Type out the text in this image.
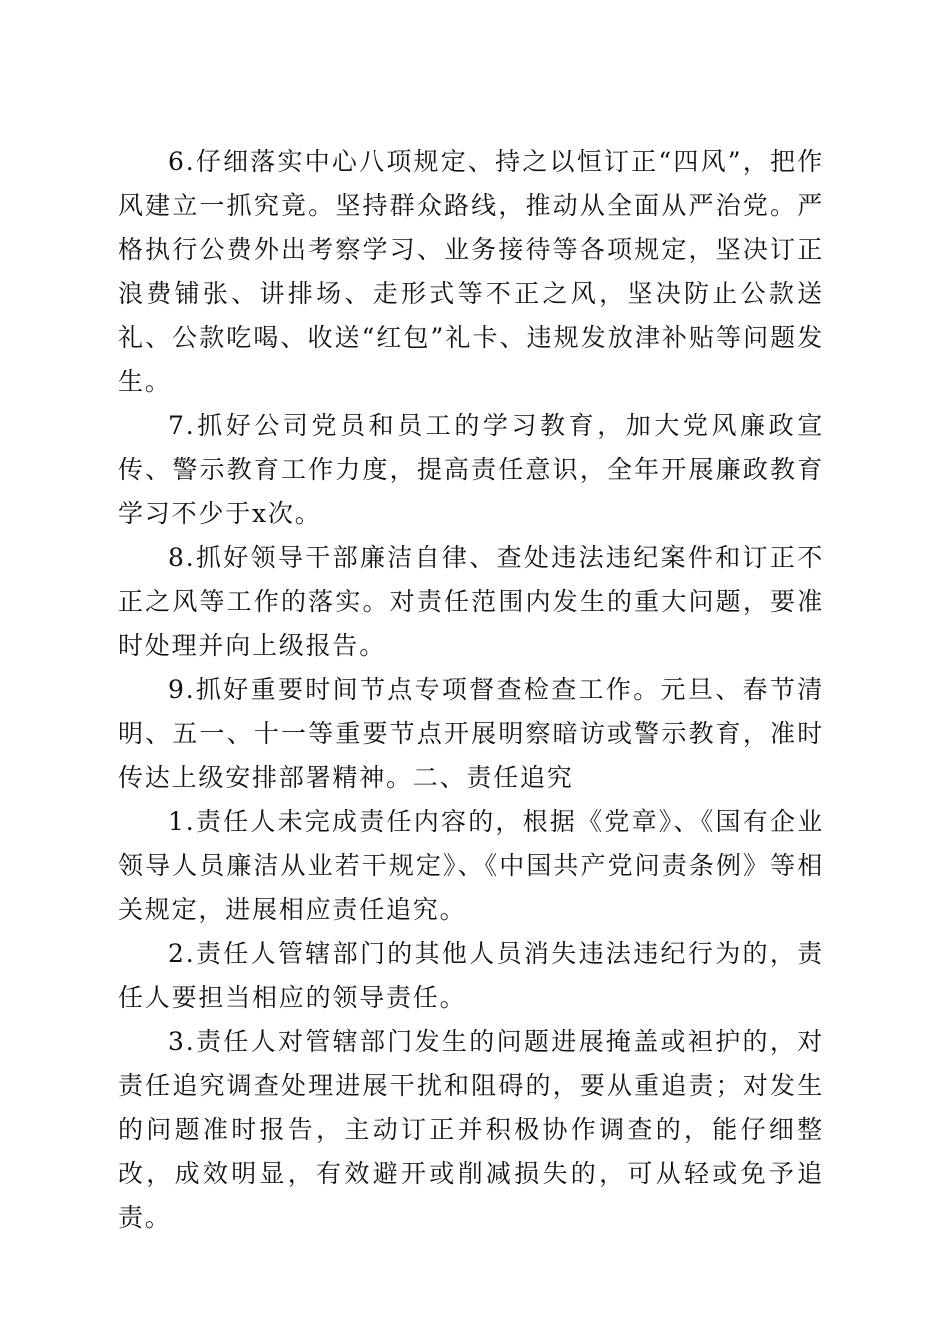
6.仔细落实中心八项规定、持之以恒订正“四风”，把作风建立一抓究竟。坚持群众路线，推动从全面从严治党。严格执行公费外出考察学习、业务接待等各项规定，坚决订正浪费铺张、讲排场、走形式等不正之风，坚决防止公款送礼、公款吃喝、收送“红包”礼卡、违规发放津补贴等问题发生。

7.抓好公司党员和员工的学习教育，加大党风廉政宣传、警示教育工作力度，提高责任意识，全年开展廉政教育学习不少于x次。

8.抓好领导干部廉洁自律、查处违法违纪案件和订正不正之风等工作的落实。对责任范围内发生的重大问题，要准时处理并向上级报告。

9.抓好重要时间节点专项督查检查工作。元旦、春节清明、五一、十一等重要节点开展明察暗访或警示教育，准时传达上级安排部署精神。二、责任追究

1.责任人未完成责任内容的，根据《党章》、《国有企业领导人员廉洁从业若干规定》、《中国共产党问责条例》等相关规定，进展相应责任追究。

2.责任人管辖部门的其他人员消失违法违纪行为的，责任人要担当相应的领导责任。

3.责任人对管辖部门发生的问题进展掩盖或袒护的，对责任追究调查处理进展干扰和阻碍的，要从重追责；对发生的问题准时报告，主动订正并积极协作调查的，能仔细整改，成效明显，有效避开或削减损失的，可从轻或免予追责。
